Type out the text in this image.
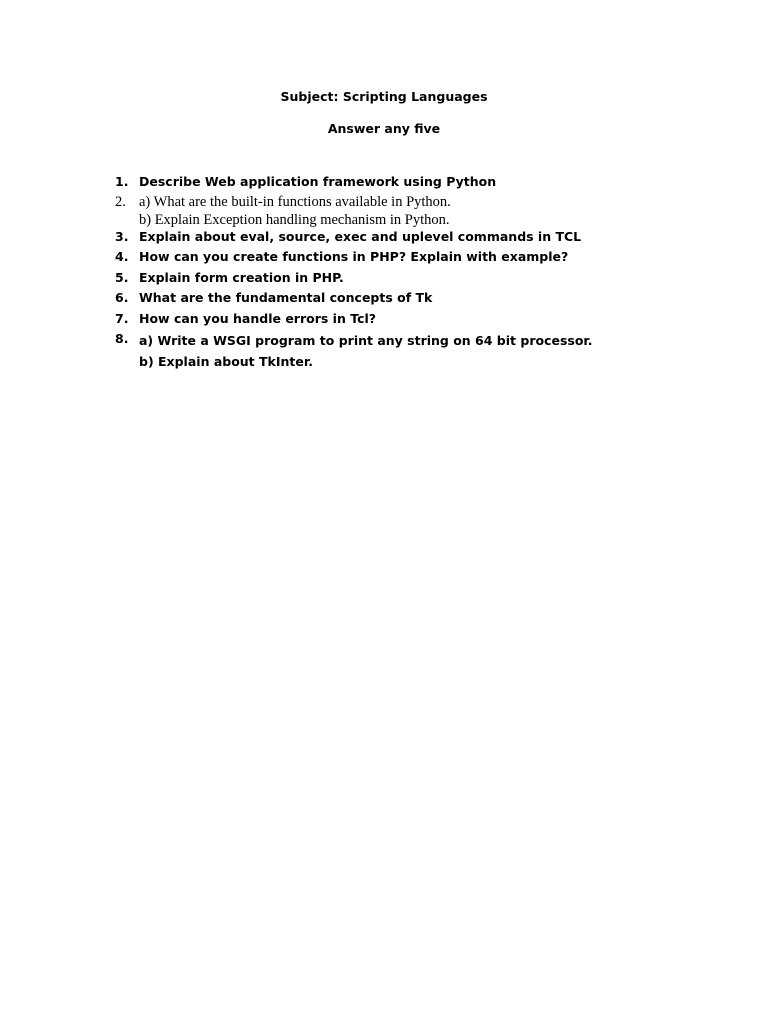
Subject: Scripting Languages
Answer any five
1. Describe Web application framework using Python
2. a) What are the built-in functions available in Python.
b) Explain Exception handling mechanism in Python.
3. Explain about eval, source, exec and uplevel commands in TCL
4. How can you create functions in PHP? Explain with example?
5. Explain form creation in PHP.
6. What are the fundamental concepts of Tk
7. How can you handle errors in Tcl?
8. a) Write a WSGI program to print any string on 64 bit processor.
b) Explain about TkInter.
